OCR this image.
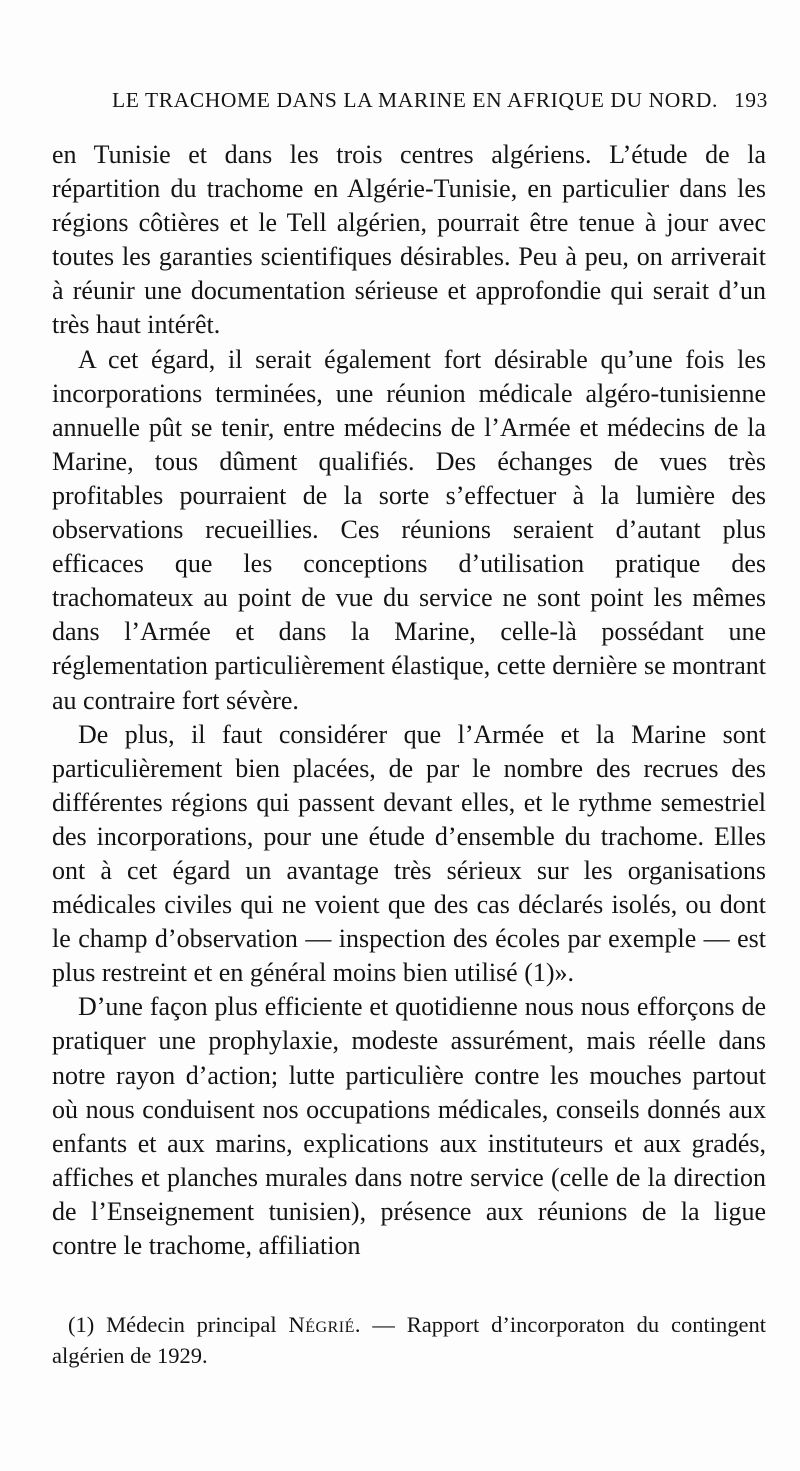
LE TRACHOME DANS LA MARINE EN AFRIQUE DU NORD. 193

en Tunisie et dans les trois centres algériens. L’étude de la répartition du trachome en Algérie-Tunisie, en particulier dans les régions côtières et le Tell algérien, pourrait être tenue à jour avec toutes les garanties scientifiques désirables. Peu à peu, on arriverait à réunir une documentation sérieuse et approfondie qui serait d’un très haut intérêt.

A cet égard, il serait également fort désirable qu’une fois les incorporations terminées, une réunion médicale algéro-tunisienne annuelle pût se tenir, entre médecins de l’Armée et médecins de la Marine, tous dûment qualifiés. Des échanges de vues très profitables pourraient de la sorte s’effectuer à la lumière des observations recueillies. Ces réunions seraient d’autant plus efficaces que les conceptions d’utilisation pratique des trachomateux au point de vue du service ne sont point les mêmes dans l’Armée et dans la Marine, celle-là possédant une réglementation particulièrement élastique, cette dernière se montrant au contraire fort sévère.

De plus, il faut considérer que l’Armée et la Marine sont particulièrement bien placées, de par le nombre des recrues des différentes régions qui passent devant elles, et le rythme semestriel des incorporations, pour une étude d’ensemble du trachome. Elles ont à cet égard un avantage très sérieux sur les organisations médicales civiles qui ne voient que des cas déclarés isolés, ou dont le champ d’observation — inspection des écoles par exemple — est plus restreint et en général moins bien utilisé (1)».

D’une façon plus efficiente et quotidienne nous nous efforçons de pratiquer une prophylaxie, modeste assurément, mais réelle dans notre rayon d’action; lutte particulière contre les mouches partout où nous conduisent nos occupations médicales, conseils donnés aux enfants et aux marins, explications aux instituteurs et aux gradés, affiches et planches murales dans notre service (celle de la direction de l’Enseignement tunisien), présence aux réunions de la ligue contre le trachome, affiliation

(1) Médecin principal Négrié. — Rapport d’incorporaton du contingent algérien de 1929.
